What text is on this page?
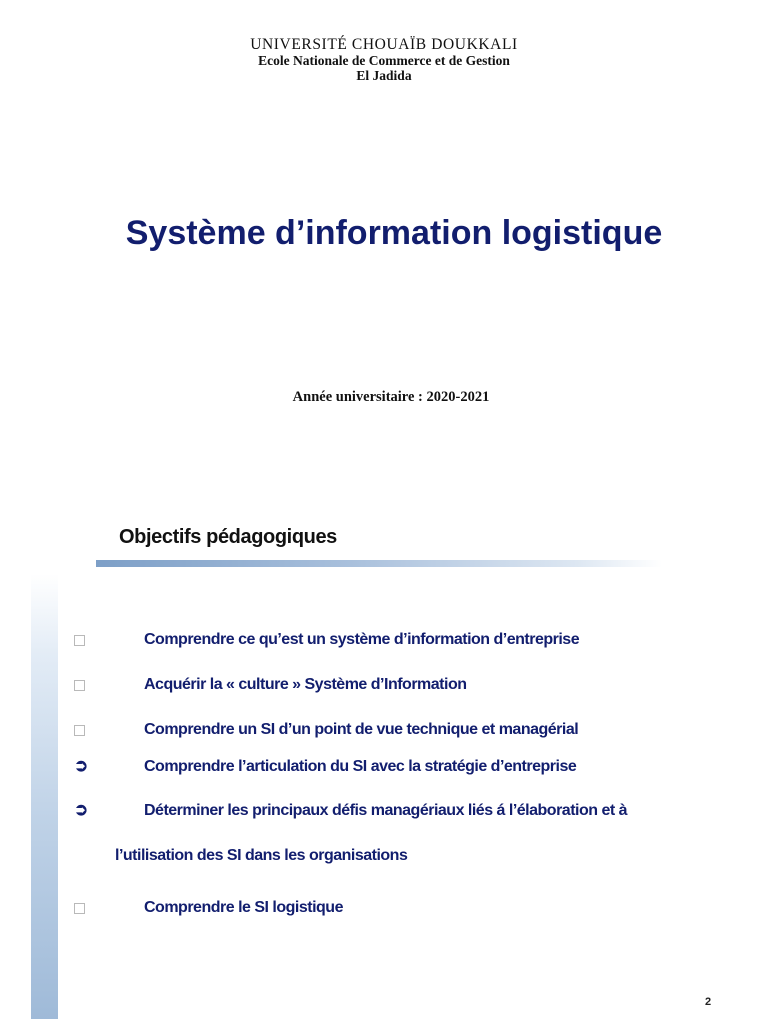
UNIVERSITÉ CHOUAÏB DOUKKALI
Ecole Nationale de Commerce et de Gestion
El Jadida
Système d’information logistique
Année universitaire : 2020-2021
Objectifs pédagogiques
Comprendre ce qu’est un système d’information d’entreprise
Acquérir la « culture » Système d’Information
Comprendre un SI d’un point de vue technique et managérial
➲	Comprendre l’articulation du SI avec la stratégie d’entreprise
➲	Déterminer les principaux défis managériaux liés á l’élaboration et à
l’utilisation des SI dans les organisations
Comprendre le SI logistique
2
